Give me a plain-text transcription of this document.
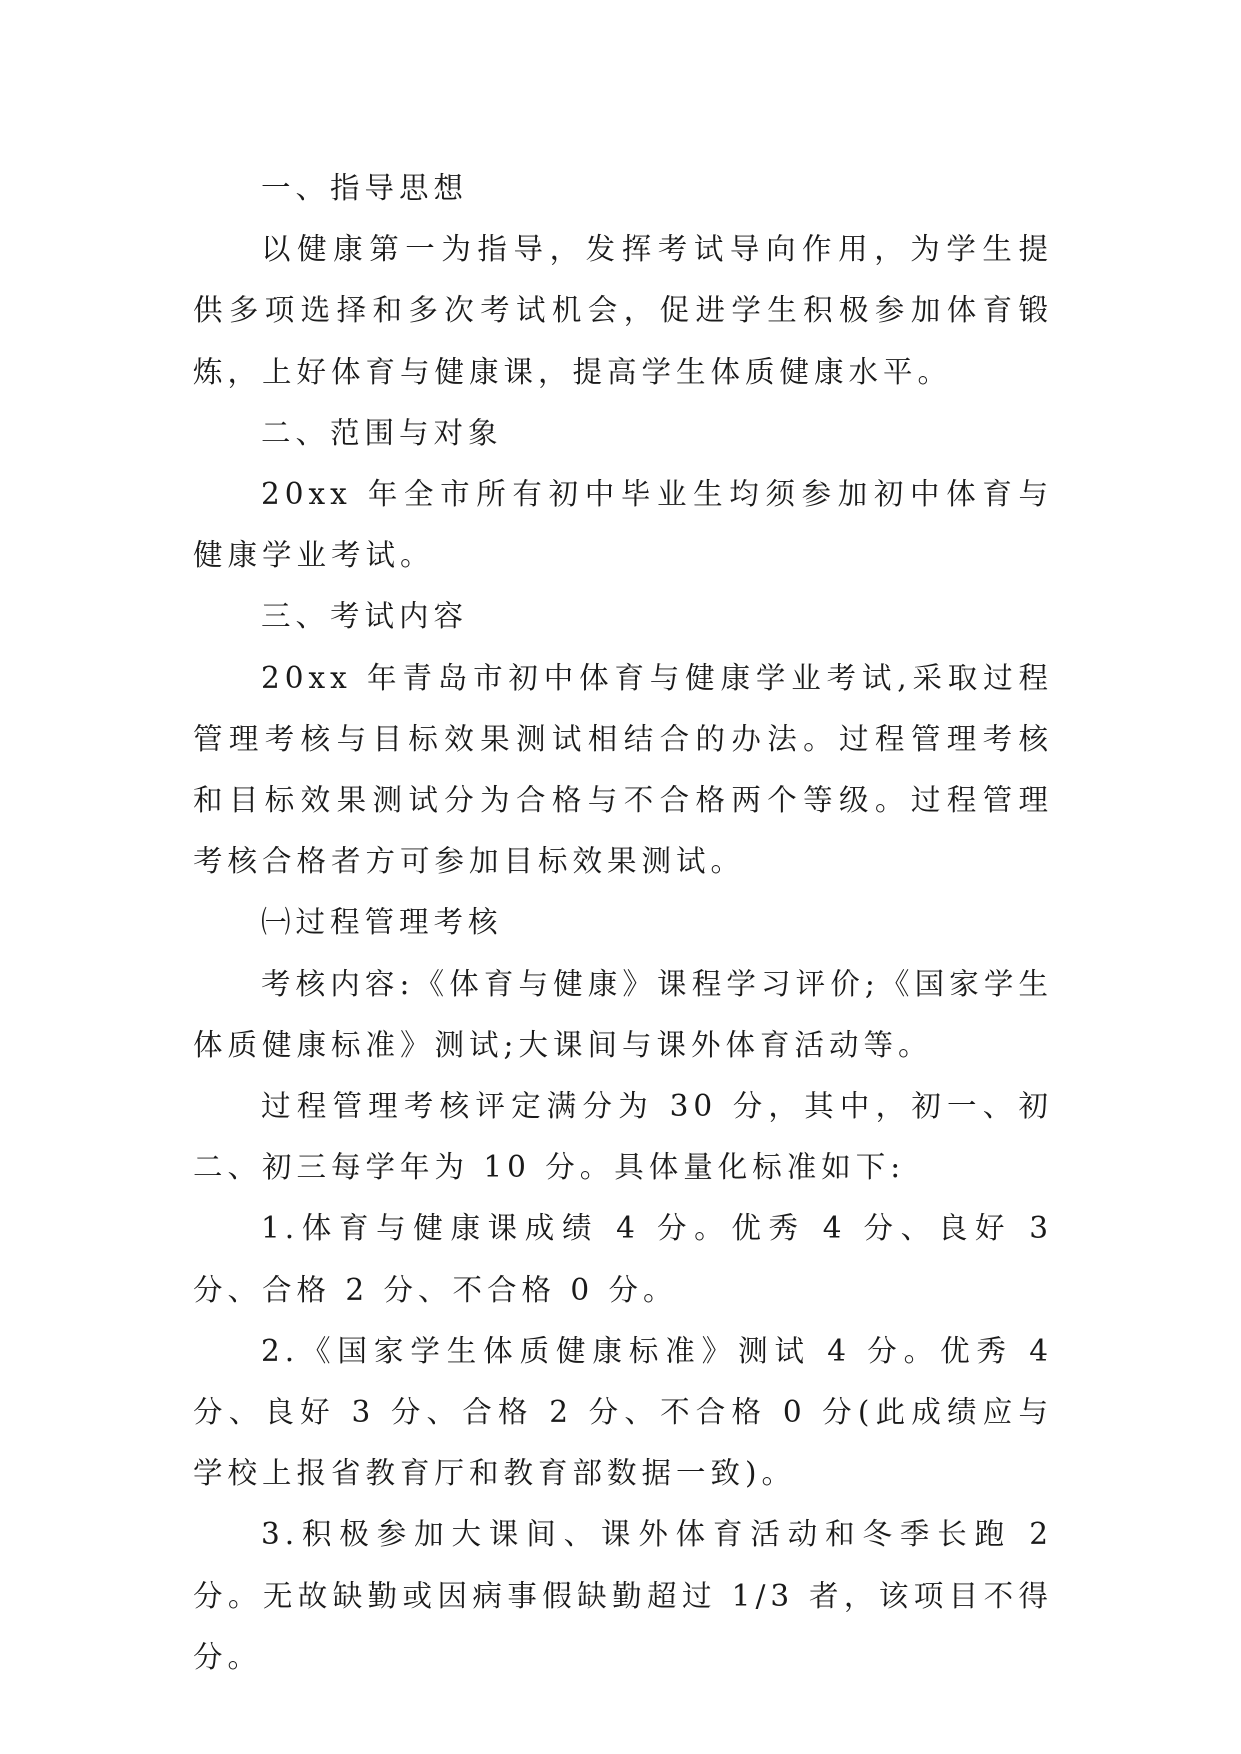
一、指导思想

以健康第一为指导，发挥考试导向作用，为学生提供多项选择和多次考试机会，促进学生积极参加体育锻炼，上好体育与健康课，提高学生体质健康水平。

二、范围与对象

20xx 年全市所有初中毕业生均须参加初中体育与健康学业考试。

三、考试内容

20xx 年青岛市初中体育与健康学业考试,采取过程管理考核与目标效果测试相结合的办法。过程管理考核和目标效果测试分为合格与不合格两个等级。过程管理考核合格者方可参加目标效果测试。

㈠过程管理考核

考核内容:《体育与健康》课程学习评价;《国家学生体质健康标准》测试;大课间与课外体育活动等。

过程管理考核评定满分为 30 分，其中，初一、初二、初三每学年为 10 分。具体量化标准如下:

1.体育与健康课成绩 4 分。优秀 4 分、良好 3 分、合格 2 分、不合格 0 分。

2.《国家学生体质健康标准》测试 4 分。优秀 4 分、良好 3 分、合格 2 分、不合格 0 分(此成绩应与学校上报省教育厅和教育部数据一致)。

3.积极参加大课间、课外体育活动和冬季长跑 2 分。无故缺勤或因病事假缺勤超过 1/3 者，该项目不得分。
